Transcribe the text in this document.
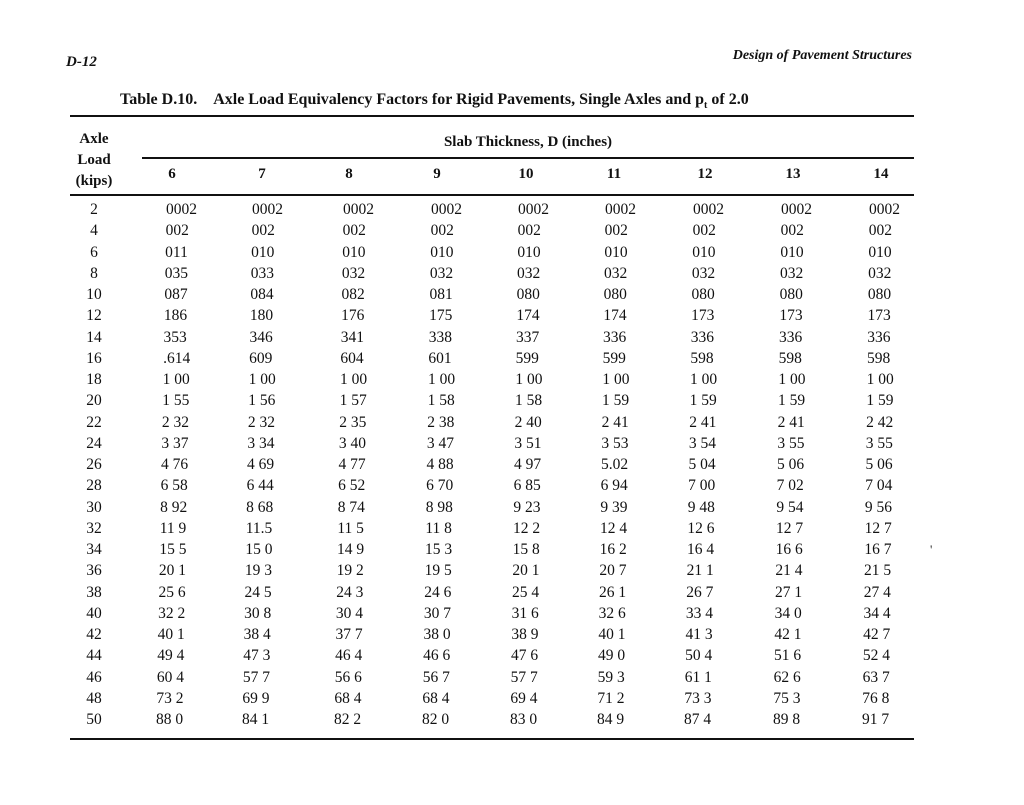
D-12	Design of Pavement Structures
Table D.10. Axle Load Equivalency Factors for Rigid Pavements, Single Axles and $p_t$ of 2.0
Axle
Load
(kips)
Slab Thickness, D (inches)
6	7	8	9	10	11	12	13	14
2	0002	0002	0002	0002	0002	0002	0002	0002	0002
4	002	002	002	002	002	002	002	002	002
6	011	010	010	010	010	010	010	010	010
8	035	033	032	032	032	032	032	032	032
10	087	084	082	081	080	080	080	080	080
12	186	180	176	175	174	174	173	173	173
14	353	346	341	338	337	336	336	336	336
16	.614	609	604	601	599	599	598	598	598
18	1 00	1 00	1 00	1 00	1 00	1 00	1 00	1 00	1 00
20	1 55	1 56	1 57	1 58	1 58	1 59	1 59	1 59	1 59
22	2 32	2 32	2 35	2 38	2 40	2 41	2 41	2 41	2 42
24	3 37	3 34	3 40	3 47	3 51	3 53	3 54	3 55	3 55
26	4 76	4 69	4 77	4 88	4 97	5.02	5 04	5 06	5 06
28	6 58	6 44	6 52	6 70	6 85	6 94	7 00	7 02	7 04
30	8 92	8 68	8 74	8 98	9 23	9 39	9 48	9 54	9 56
32	11 9	11.5	11 5	11 8	12 2	12 4	12 6	12 7	12 7
34	15 5	15 0	14 9	15 3	15 8	16 2	16 4	16 6	16 7
36	20 1	19 3	19 2	19 5	20 1	20 7	21 1	21 4	21 5
38	25 6	24 5	24 3	24 6	25 4	26 1	26 7	27 1	27 4
40	32 2	30 8	30 4	30 7	31 6	32 6	33 4	34 0	34 4
42	40 1	38 4	37 7	38 0	38 9	40 1	41 3	42 1	42 7
44	49 4	47 3	46 4	46 6	47 6	49 0	50 4	51 6	52 4
46	60 4	57 7	56 6	56 7	57 7	59 3	61 1	62 6	63 7
48	73 2	69 9	68 4	68 4	69 4	71 2	73 3	75 3	76 8
50	88 0	84 1	82 2	82 0	83 0	84 9	87 4	89 8	91 7
'
